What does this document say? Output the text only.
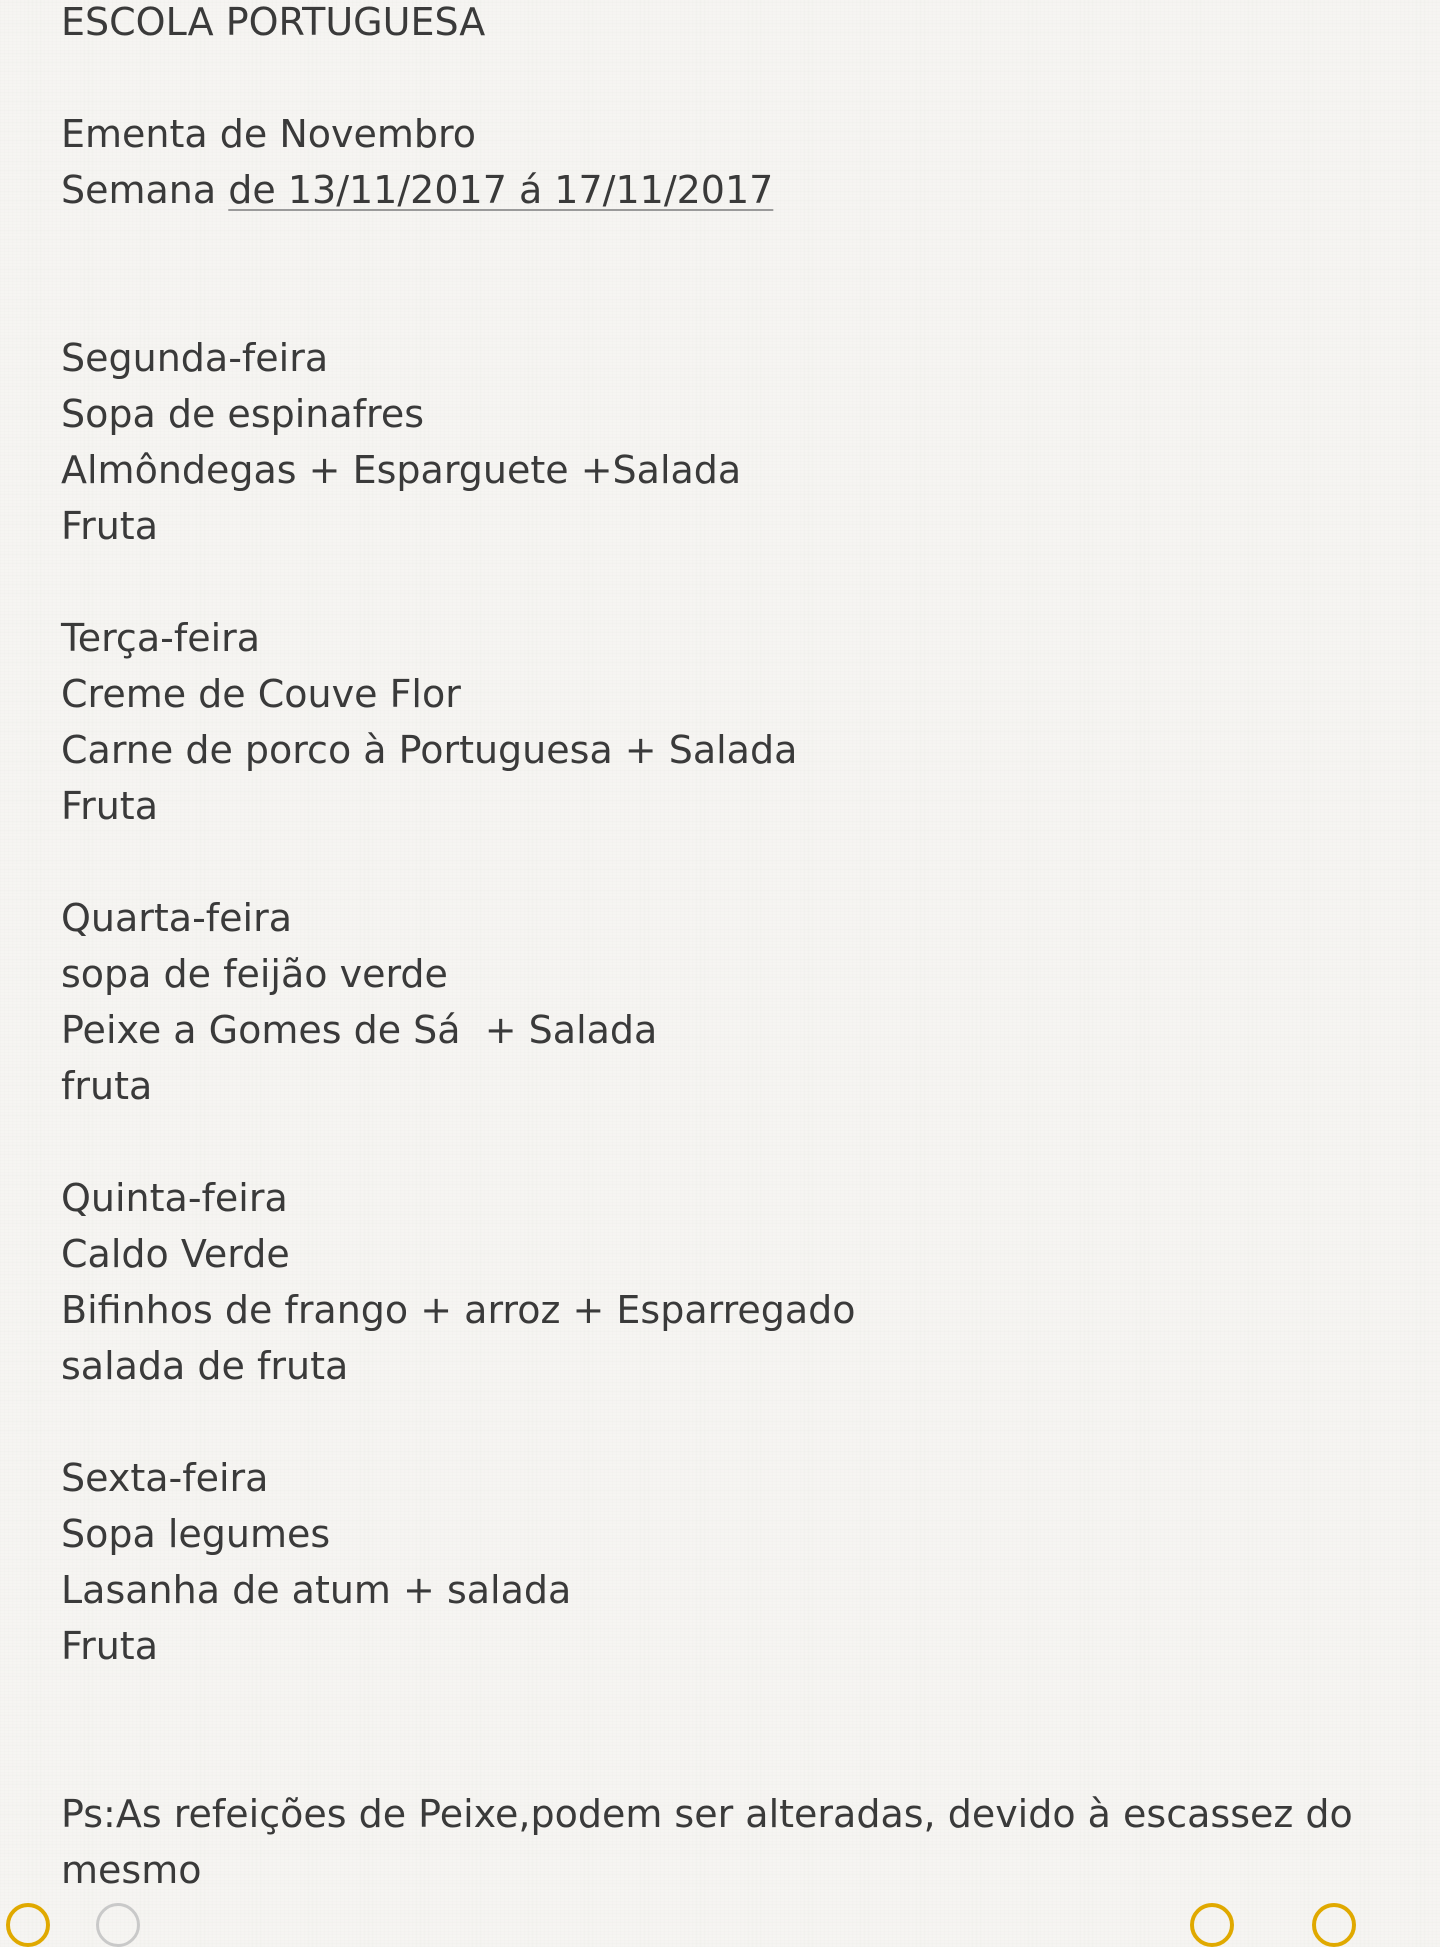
ESCOLA PORTUGUESA
Ementa de Novembro
Semana de 13/11/2017 á 17/11/2017
Segunda-feira
Sopa de espinafres
Almôndegas + Esparguete +Salada
Fruta
Terça-feira
Creme de Couve Flor
Carne de porco à Portuguesa + Salada
Fruta
Quarta-feira
sopa de feijão verde
Peixe a Gomes de Sá  + Salada
fruta
Quinta-feira
Caldo Verde
Bifinhos de frango + arroz + Esparregado
salada de fruta
Sexta-feira
Sopa legumes
Lasanha de atum + salada
Fruta
Ps:As refeições de Peixe,podem ser alteradas, devido à escassez do mesmo
